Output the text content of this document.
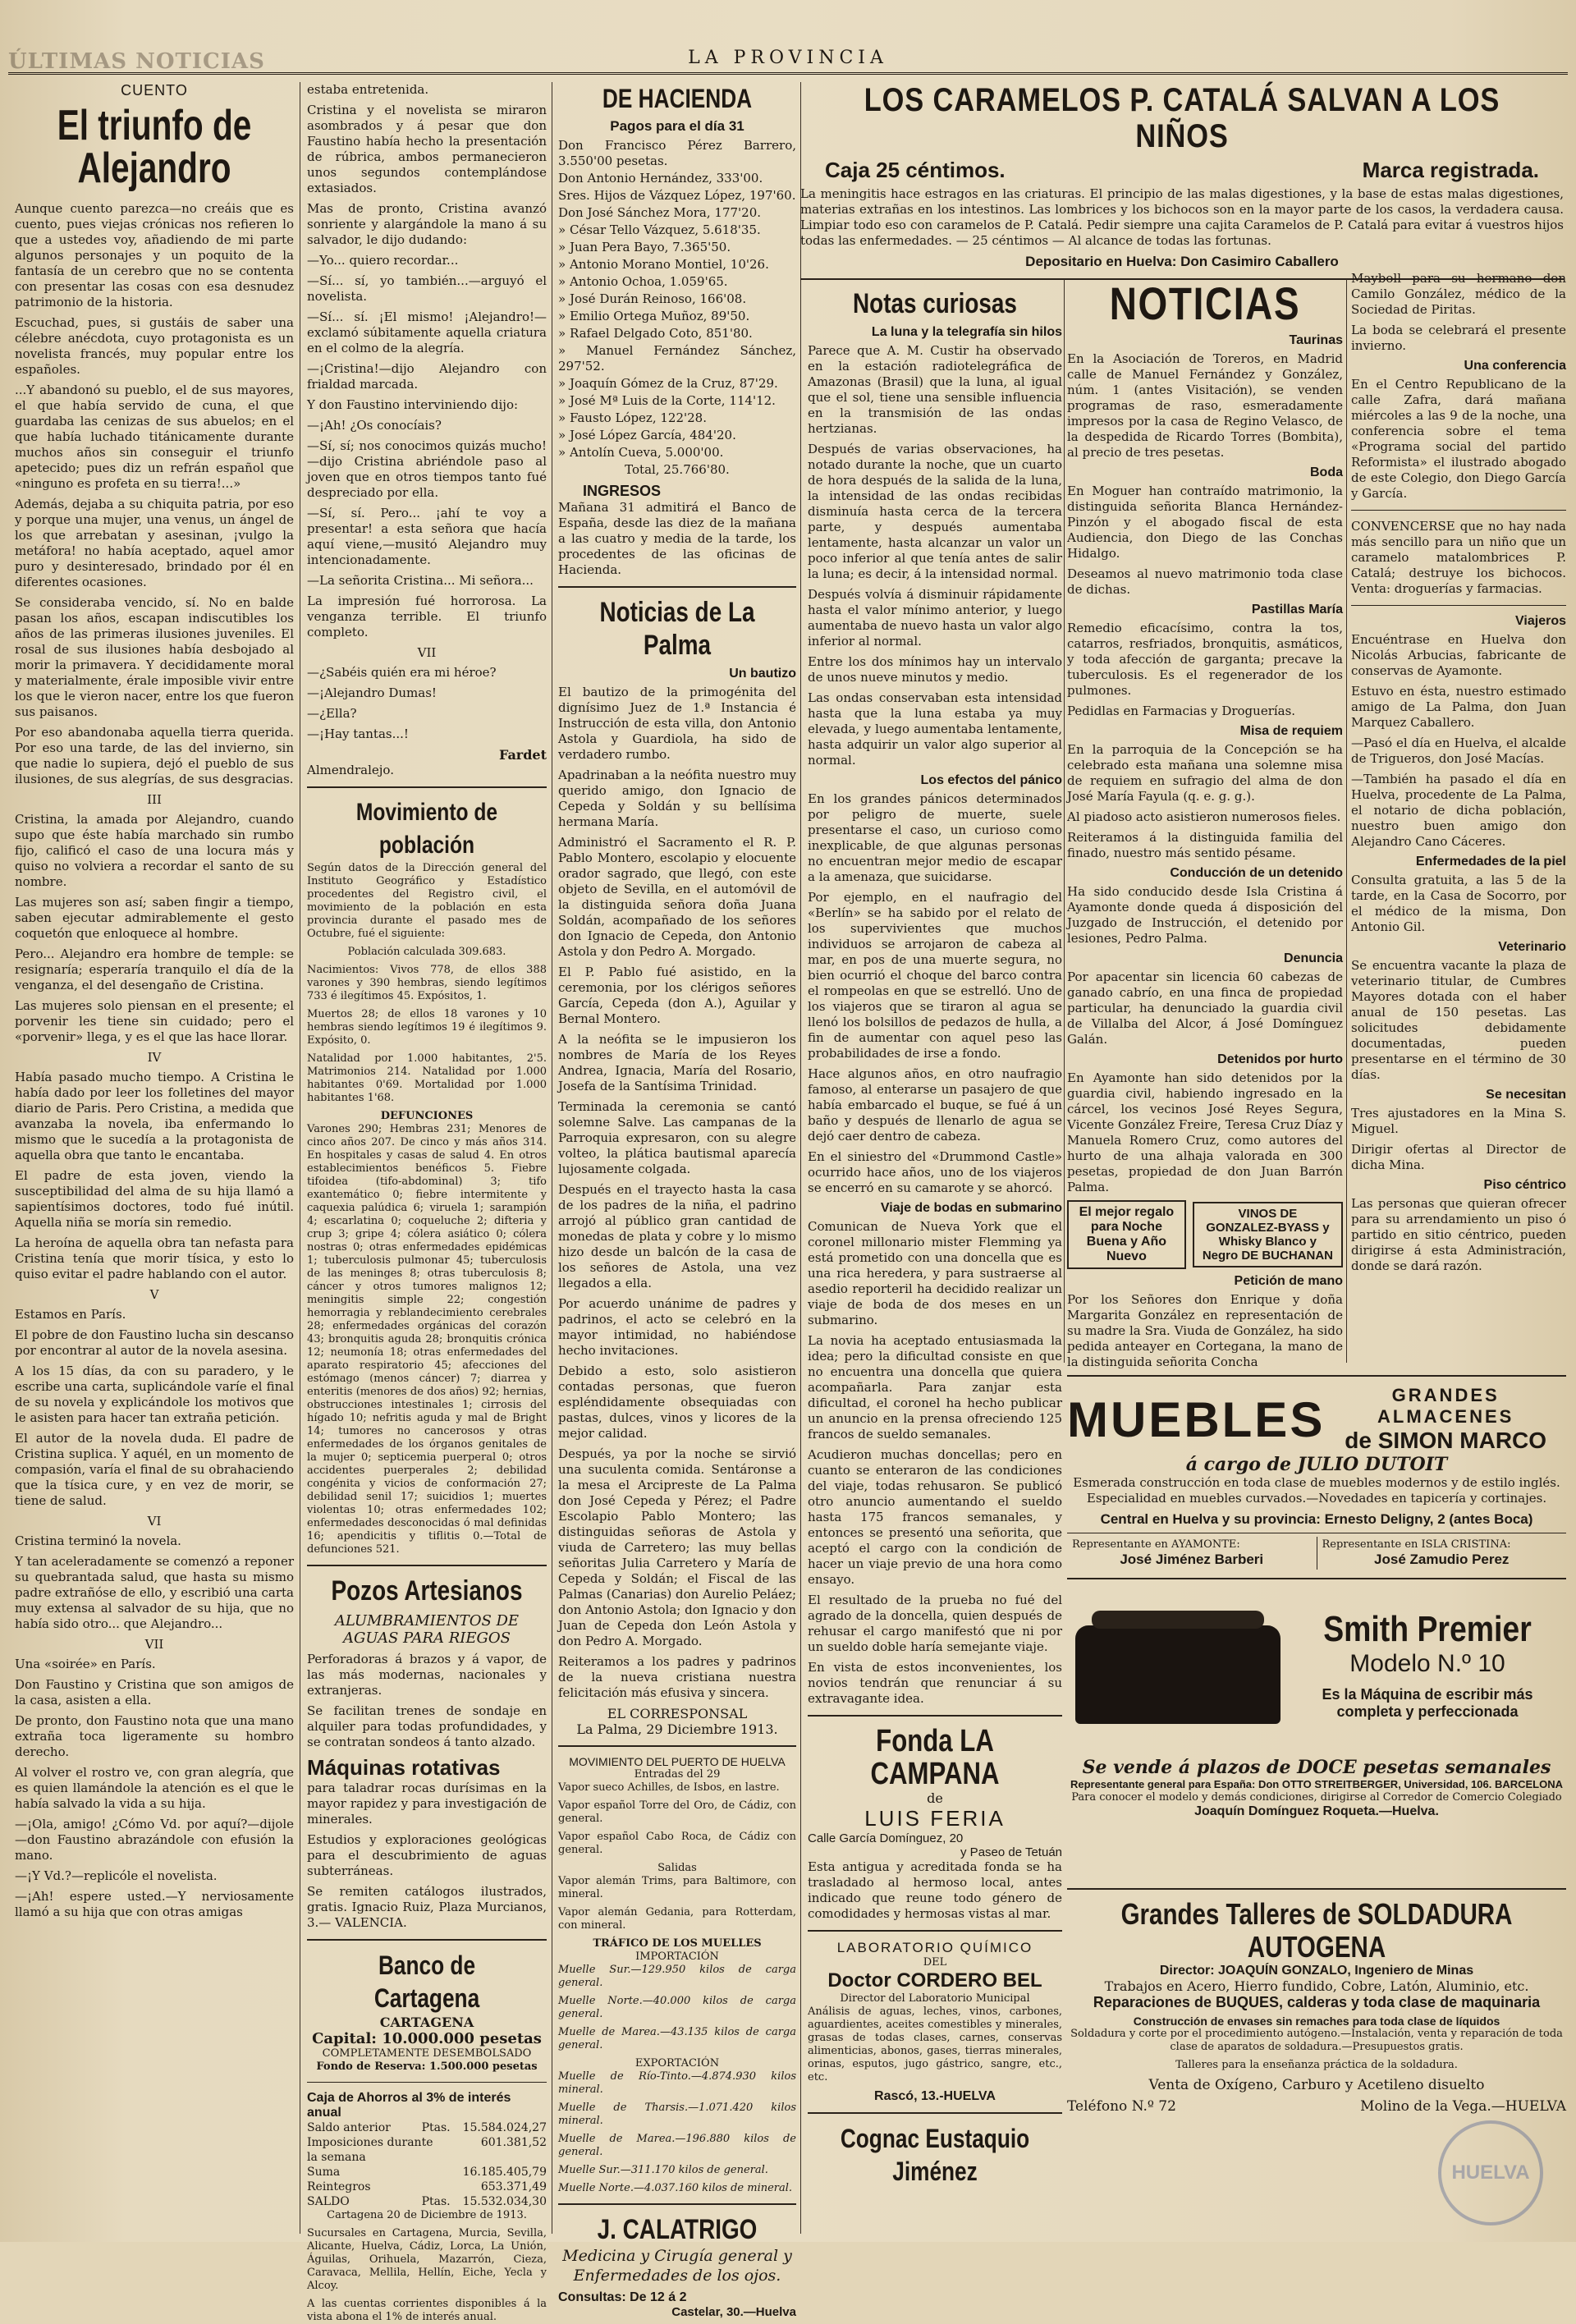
ÚLTIMAS NOTICIAS	LA PROVINCIA
CUENTO
El triunfo de Alejandro

Aunque cuento parezca—no creáis que es cuento, pues viejas crónicas nos refieren lo que a ustedes voy, añadiendo de mi parte algunos personajes y un poquito de la fantasía de un cerebro que no se contenta con presentar las cosas con esa desnudez patrimonio de la historia.

Escuchad, pues, si gustáis de saber una célebre anécdota, cuyo protagonista es un novelista francés, muy popular entre los españoles.

...Y abandonó su pueblo, el de sus mayores, el que había servido de cuna, el que guardaba las cenizas de sus abuelos; en el que había luchado titánicamente durante muchos años sin conseguir el triunfo apetecido; pues diz un refrán español que «ninguno es profeta en su tierra!...»

Además, dejaba a su chiquita patria, por eso y porque una mujer, una venus, un ángel de los que arrebatan y asesinan, ¡vulgo la metáfora! no había aceptado, aquel amor puro y desinteresado, brindado por él en diferentes ocasiones.

Se consideraba vencido, sí. No en balde pasan los años, escapan indiscutibles los años de las primeras ilusiones juveniles. El rosal de sus ilusiones había desbojado al morir la primavera. Y decididamente moral y materialmente, érale imposible vivir entre los que le vieron nacer, entre los que fueron sus paisanos.

Por eso abandonaba aquella tierra querida. Por eso una tarde, de las del invierno, sin que nadie lo supiera, dejó el pueblo de sus ilusiones, de sus alegrías, de sus desgracias.

III

Cristina, la amada por Alejandro, cuando supo que éste había marchado sin rumbo fijo, calificó el caso de una locura más y quiso no volviera a recordar el santo de su nombre.

Las mujeres son así; saben fingir a tiempo, saben ejecutar admirablemente el gesto coquetón que enloquece al hombre.

Pero... Alejandro era hombre de temple: se resignaría; esperaría tranquilo el día de la venganza, el del desengaño de Cristina.

Las mujeres solo piensan en el presente; el porvenir les tiene sin cuidado; pero el «porvenir» llega, y es el que las hace llorar.

IV

Había pasado mucho tiempo. A Cristina le había dado por leer los folletines del mayor diario de Paris. Pero Cristina, a medida que avanzaba la novela, iba enfermando lo mismo que le sucedía a la protagonista de aquella obra que tanto le encantaba.

El padre de esta joven, viendo la susceptibilidad del alma de su hija llamó a sapientísimos doctores, todo fué inútil. Aquella niña se moría sin remedio.

La heroína de aquella obra tan nefasta para Cristina tenía que morir tísica, y esto lo quiso evitar el padre hablando con el autor.

V

Estamos en París.

El pobre de don Faustino lucha sin descanso por encontrar al autor de la novela asesina.

A los 15 días, da con su paradero, y le escribe una carta, suplicándole varíe el final de su novela y explicándole los motivos que le asisten para hacer tan extraña petición.

El autor de la novela duda. El padre de Cristina suplica. Y aquél, en un momento de compasión, varía el final de su obrahaciendo que la tísica cure, y en vez de morir, se tiene de salud.

VI

Cristina terminó la novela.

Y tan aceleradamente se comenzó a reponer su quebrantada salud, que hasta su mismo padre extrañóse de ello, y escribió una carta muy extensa al salvador de su hija, que no había sido otro... que Alejandro...

VII

Una «soirée» en París.

Don Faustino y Cristina que son amigos de la casa, asisten a ella.

De pronto, don Faustino nota que una mano extraña toca ligeramente su hombro derecho.

Al volver el rostro ve, con gran alegría, que es quien llamándole la atención es el que le había salvado la vida a su hija.

—¡Ola, amigo! ¿Cómo Vd. por aquí?—dijole—don Faustino abrazándole con efusión la mano.

—¡Y Vd.?—replicóle el novelista.

—¡Ah! espere usted.—Y nerviosamente llamó a su hija que con otras amigas

estaba entretenida.

Cristina y el novelista se miraron asombrados y á pesar que don Faustino había hecho la presentación de rúbrica, ambos permanecieron unos segundos contemplándose extasiados.

Mas de pronto, Cristina avanzó sonriente y alargándole la mano á su salvador, le dijo dudando:

—Yo... quiero recordar...

—Sí... sí, yo también...—arguyó el novelista.

—Sí... sí. ¡El mismo! ¡Alejandro!—exclamó súbitamente aquella criatura en el colmo de la alegría.

—¡Cristina!—dijo Alejandro con frialdad marcada.

Y don Faustino interviniendo dijo:

—¡Ah! ¿Os conocíais?

—Sí, sí; nos conocimos quizás mucho!—dijo Cristina abriéndole paso al joven que en otros tiempos tanto fué despreciado por ella.

—Sí, sí. Pero... ¡ahí te voy a presentar! a esta señora que hacía aquí viene,—musitó Alejandro muy intencionadamente.

—La señorita Cristina... Mi señora...

La impresión fué horrorosa. La venganza terrible. El triunfo completo.

VII

—¿Sabéis quién era mi héroe?

—¡Alejandro Dumas!

—¿Ella?

—¡Hay tantas...!

Fardet

Almendralejo.

Movimiento de población

Según datos de la Dirección general del Instituto Geográfico y Estadístico procedentes del Registro civil, el movimiento de la población en esta provincia durante el pasado mes de Octubre, fué el siguiente:

Población calculada 309.683.

Nacimientos: Vivos 778, de ellos 388 varones y 390 hembras, siendo legítimos 733 é ilegítimos 45. Expósitos, 1.

Muertos 28; de ellos 18 varones y 10 hembras siendo legítimos 19 é ilegítimos 9. Expósito, 0.

Natalidad por 1.000 habitantes, 2'5. Matrimonios 214. Natalidad por 1.000 habitantes 0'69. Mortalidad por 1.000 habitantes 1'68.

DEFUNCIONES

Varones 290; Hembras 231; Menores de cinco años 207. De cinco y más años 314. En hospitales y casas de salud 4. En otros establecimientos benéficos 5. Fiebre tifoidea (tifo-abdominal) 3; tifo exantemático 0; fiebre intermitente y caquexia palúdica 6; viruela 1; sarampión 4; escarlatina 0; coqueluche 2; difteria y crup 3; gripe 4; cólera asiático 0; cólera nostras 0; otras enfermedades epidémicas 1; tuberculosis pulmonar 45; tuberculosis de las meninges 8; otras tuberculosis 8; cáncer y otros tumores malignos 12; meningitis simple 22; congestión hemorragia y reblandecimiento cerebrales 28; enfermedades orgánicas del corazón 43; bronquitis aguda 28; bronquitis crónica 12; neumonía 18; otras enfermedades del aparato respiratorio 45; afecciones del estómago (menos cáncer) 7; diarrea y enteritis (menores de dos años) 92; hernias, obstrucciones intestinales 1; cirrosis del hígado 10; nefritis aguda y mal de Bright 14; tumores no cancerosos y otras enfermedades de los órganos genitales de la mujer 0; septicemia puerperal 0; otros accidentes puerperales 2; debilidad congénita y vicios de conformación 27; debilidad senil 17; suicidios 1; muertes violentas 10; otras enfermedades 102; enfermedades desconocidas ó mal definidas 16; apendicitis y tiflitis 0.—Total de defunciones 521.

Pozos Artesianos
ALUMBRAMIENTOS DE AGUAS PARA RIEGOS

Perforadoras á brazos y á vapor, de las más modernas, nacionales y extranjeras.

Se facilitan trenes de sondaje en alquiler para todas profundidades, y se contratan sondeos á tanto alzado.

Máquinas rotativas

para taladrar rocas durísimas en la mayor rapidez y para investigación de minerales.

Estudios y exploraciones geológicas para el descubrimiento de aguas subterráneas.

Se remiten catálogos ilustrados, gratis. Ignacio Ruiz, Plaza Murcianos, 3.— VALENCIA.

Banco de Cartagena
CARTAGENA
Capital: 10.000.000 pesetas
COMPLETAMENTE DESEMBOLSADO
Fondo de Reserva: 1.500.000 pesetas
Caja de Ahorros al 3% de interés anual
Saldo anterior	Ptas.	15.584.024,27
Imposiciones durante la semana
601.381,52
Suma	16.185.405,79
Reintegros	653.371,49
SALDO	Ptas.	15.532.034,30

Cartagena 20 de Diciembre de 1913.

Sucursales en Cartagena, Murcia, Sevilla, Alicante, Huelva, Cádiz, Lorca, La Unión, Águilas, Orihuela, Mazarrón, Cieza, Caravaca, Mellila, Hellín, Eiche, Yecla y Alcoy.

A las cuentas corrientes disponibles á la vista abona el 1% de interés anual.

DE HACIENDA
Pagos para el día 31

Don Francisco Pérez Barrero, 3.550'00 pesetas.

Don Antonio Hernández, 333'00.

Sres. Hijos de Vázquez López, 197'60.

Don José Sánchez Mora, 177'20.

» César Tello Vázquez, 5.618'35.

» Juan Pera Bayo, 7.365'50.

» Antonio Morano Montiel, 10'26.

» Antonio Ochoa, 1.059'65.

» José Durán Reinoso, 166'08.

» Emilio Ortega Muñoz, 89'50.

» Rafael Delgado Coto, 851'80.

» Manuel Fernández Sánchez, 297'52.

» Joaquín Gómez de la Cruz, 87'29.

» José Mª Luis de la Corte, 114'12.

» Fausto López, 122'28.

» José López García, 484'20.

» Antolín Cueva, 5.000'00.

Total, 25.766'80.

INGRESOS

Mañana 31 admitirá el Banco de España, desde las diez de la mañana a las cuatro y media de la tarde, los procedentes de las oficinas de Hacienda.

Noticias de La Palma
Un bautizo

El bautizo de la primogénita del dignísimo Juez de 1.ª Instancia é Instrucción de esta villa, don Antonio Astola y Guardiola, ha sido de verdadero rumbo.

Apadrinaban a la neófita nuestro muy querido amigo, don Ignacio de Cepeda y Soldán y su bellísima hermana María.

Administró el Sacramento el R. P. Pablo Montero, escolapio y elocuente orador sagrado, que llegó, con este objeto de Sevilla, en el automóvil de la distinguida señora doña Juana Soldán, acompañado de los señores don Ignacio de Cepeda, don Antonio Astola y don Pedro A. Morgado.

El P. Pablo fué asistido, en la ceremonia, por los clérigos señores García, Cepeda (don A.), Aguilar y Bernal Montero.

A la neófita se le impusieron los nombres de María de los Reyes Andrea, Ignacia, María del Rosario, Josefa de la Santísima Trinidad.

Terminada la ceremonia se cantó solemne Salve. Las campanas de la Parroquia expresaron, con su alegre volteo, la plática bautismal aparecía lujosamente colgada.

Después en el trayecto hasta la casa de los padres de la niña, el padrino arrojó al público gran cantidad de monedas de plata y cobre y lo mismo hizo desde un balcón de la casa de los señores de Astola, una vez llegados a ella.

Por acuerdo unánime de padres y padrinos, el acto se celebró en la mayor intimidad, no habiéndose hecho invitaciones.

Debido a esto, solo asistieron contadas personas, que fueron espléndidamente obsequiadas con pastas, dulces, vinos y licores de la mejor calidad.

Después, ya por la noche se sirvió una suculenta comida. Sentáronse a la mesa el Arcipreste de La Palma don José Cepeda y Pérez; el Padre Escolapio Pablo Montero; las distinguidas señoras de Astola y viuda de Carretero; las muy bellas señoritas Julia Carretero y María de Cepeda y Soldán; el Fiscal de las Palmas (Canarias) don Aurelio Peláez; don Antonio Astola; don Ignacio y don Juan de Cepeda don León Astola y don Pedro A. Morgado.

Reiteramos a los padres y padrinos de la nueva cristiana nuestra felicitación más efusiva y sincera.

EL CORRESPONSAL
La Palma, 29 Diciembre 1913.
MOVIMIENTO DEL PUERTO DE HUELVA
Entradas del 29

Vapor sueco Achilles, de Isbos, en lastre.

Vapor español Torre del Oro, de Cádiz, con general.

Vapor español Cabo Roca, de Cádiz con general.

Salidas

Vapor alemán Trims, para Baltimore, con mineral.

Vapor alemán Gedania, para Rotterdam, con mineral.

TRÁFICO DE LOS MUELLES
IMPORTACIÓN

Muelle Sur.—129.950 kilos de carga general.

Muelle Norte.—40.000 kilos de carga general.

Muelle de Marea.—43.135 kilos de carga general.

EXPORTACIÓN

Muelle de Río-Tinto.—4.874.930 kilos mineral.

Muelle de Tharsis.—1.071.420 kilos mineral.

Muelle de Marea.—196.880 kilos de general.

Muelle Sur.—311.170 kilos de general.

Muelle Norte.—4.037.160 kilos de mineral.

J. CALATRIGO
Medicina y Cirugía general y Enfermedades de los ojos.
Consultas: De 12 á 2
Castelar, 30.—Huelva
LOS CARAMELOS P. CATALÁ SALVAN A LOS NIÑOS
Caja 25 céntimos.	Marca registrada.

La meningitis hace estragos en las criaturas. El principio de las malas digestiones, y la base de estas malas digestiones, materias extrañas en los intestinos. Las lombrices y los bichocos son en la mayor parte de los casos, la verdadera causa. Limpiar todo eso con caramelos de P. Catalá. Pedir siempre una cajita Caramelos de P. Catalá para evitar á vuestros hijos todas las enfermedades. — 25 céntimos — Al alcance de todas las fortunas.

Depositario en Huelva: Don Casimiro Caballero
Notas curiosas
La luna y la telegrafía sin hilos

Parece que A. M. Custir ha observado en la estación radiotelegráfica de Amazonas (Brasil) que la luna, al igual que el sol, tiene una sensible influencia en la transmisión de las ondas hertzianas.

Después de varias observaciones, ha notado durante la noche, que un cuarto de hora después de la salida de la luna, la intensidad de las ondas recibidas disminuía hasta cerca de la tercera parte, y después aumentaba lentamente, hasta alcanzar un valor un poco inferior al que tenía antes de salir la luna; es decir, á la intensidad normal.

Después volvía á disminuir rápidamente hasta el valor mínimo anterior, y luego aumentaba de nuevo hasta un valor algo inferior al normal.

Entre los dos mínimos hay un intervalo de unos nueve minutos y medio.

Las ondas conservaban esta intensidad hasta que la luna estaba ya muy elevada, y luego aumentaba lentamente, hasta adquirir un valor algo superior al normal.

Los efectos del pánico

En los grandes pánicos determinados por peligro de muerte, suele presentarse el caso, un curioso como inexplicable, de que algunas personas no encuentran mejor medio de escapar a la amenaza, que suicidarse.

Por ejemplo, en el naufragio del «Berlín» se ha sabido por el relato de los supervivientes que muchos individuos se arrojaron de cabeza al mar, en pos de una muerte segura, no bien ocurrió el choque del barco contra el rompeolas en que se estrelló. Uno de los viajeros que se tiraron al agua se llenó los bolsillos de pedazos de hulla, a fin de aumentar con aquel peso las probabilidades de irse a fondo.

Hace algunos años, en otro naufragio famoso, al enterarse un pasajero de que había embarcado el buque, se fué á un baño y después de llenarlo de agua se dejó caer dentro de cabeza.

En el siniestro del «Drummond Castle» ocurrido hace años, uno de los viajeros se encerró en su camarote y se ahorcó.

Viaje de bodas en submarino

Comunican de Nueva York que el coronel millonario mister Flemming ya está prometido con una doncella que es una rica heredera, y para sustraerse al asedio reporteril ha decidido realizar un viaje de boda de dos meses en un submarino.

La novia ha aceptado entusiasmada la idea; pero la dificultad consiste en que no encuentra una doncella que quiera acompañarla. Para zanjar esta dificultad, el coronel ha hecho publicar un anuncio en la prensa ofreciendo 125 francos de sueldo semanales.

Acudieron muchas doncellas; pero en cuanto se enteraron de las condiciones del viaje, todas rehusaron. Se publicó otro anuncio aumentando el sueldo hasta 175 francos semanales, y entonces se presentó una señorita, que aceptó el cargo con la condición de hacer un viaje previo de una hora como ensayo.

El resultado de la prueba no fué del agrado de la doncella, quien después de rehusar el cargo manifestó que ni por un sueldo doble haría semejante viaje.

En vista de estos inconvenientes, los novios tendrán que renunciar á su extravagante idea.

Fonda LA CAMPANA
de
LUIS FERIA
Calle García Domínguez, 20
y Paseo de Tetuán

Esta antigua y acreditada fonda se ha trasladado al hermoso local, antes indicado que reune todo género de comodidades y hermosas vistas al mar.

LABORATORIO QUÍMICO
DEL
Doctor CORDERO BEL
Director del Laboratorio Municipal

Análisis de aguas, leches, vinos, carbones, aguardientes, aceites comestibles y minerales, grasas de todas clases, carnes, conservas alimenticias, abonos, gases, tierras minerales, orinas, esputos, jugo gástrico, sangre, etc., etc.

Rascó, 13.-HUELVA
Cognac Eustaquio Jiménez
NOTICIAS
Taurinas

En la Asociación de Toreros, en Madrid calle de Manuel Fernández y González, núm. 1 (antes Visitación), se venden programas de raso, esmeradamente impresos por la casa de Regino Velasco, de la despedida de Ricardo Torres (Bombita), al precio de tres pesetas.

Boda

En Moguer han contraído matrimonio, la distinguida señorita Blanca Hernández-Pinzón y el abogado fiscal de esta Audiencia, don Diego de las Conchas Hidalgo.

Deseamos al nuevo matrimonio toda clase de dichas.

Pastillas María

Remedio eficacísimo, contra la tos, catarros, resfriados, bronquitis, asmáticos, y toda afección de garganta; precave la tuberculosis. Es el regenerador de los pulmones.

Pedidlas en Farmacias y Droguerías.

Misa de requiem

En la parroquia de la Concepción se ha celebrado esta mañana una solemne misa de requiem en sufragio del alma de don José María Fayula (q. e. g. g.).

Al piadoso acto asistieron numerosos fieles.

Reiteramos á la distinguida familia del finado, nuestro más sentido pésame.

Conducción de un detenido

Ha sido conducido desde Isla Cristina á Ayamonte donde queda á disposición del Juzgado de Instrucción, el detenido por lesiones, Pedro Palma.

Denuncia

Por apacentar sin licencia 60 cabezas de ganado cabrío, en una finca de propiedad particular, ha denunciado la guardia civil de Villalba del Alcor, á José Domínguez Galán.

Detenidos por hurto

En Ayamonte han sido detenidos por la guardia civil, habiendo ingresado en la cárcel, los vecinos José Reyes Segura, Vicente González Freire, Teresa Cruz Díaz y Manuela Romero Cruz, como autores del hurto de una alhaja valorada en 300 pesetas, propiedad de don Juan Barrón Palma.

El mejor regalo para Noche Buena y Año Nuevo
VINOS DE GONZALEZ-BYASS y Whisky Blanco y Negro DE BUCHANAN
Petición de mano

Por los Señores don Enrique y doña Margarita González en representación de su madre la Sra. Viuda de González, ha sido pedida anteayer en Cortegana, la mano de la distinguida señorita Concha

Mayboll para su hermano don Camilo González, médico de la Sociedad de Piritas.

La boda se celebrará el presente invierno.

Una conferencia

En el Centro Republicano de la calle Zafra, dará mañana miércoles a las 9 de la noche, una conferencia sobre el tema «Programa social del partido Reformista» el ilustrado abogado de este Colegio, don Diego García y García.

CONVENCERSE que no hay nada más sencillo para un niño que un caramelo matalombrices P. Catalá; destruye los bichocos. Venta: droguerías y farmacias.

Viajeros

Encuéntrase en Huelva don Nicolás Arbucias, fabricante de conservas de Ayamonte.

Estuvo en ésta, nuestro estimado amigo de La Palma, don Juan Marquez Caballero.

—Pasó el día en Huelva, el alcalde de Trigueros, don José Macías.

—También ha pasado el día en Huelva, procedente de La Palma, el notario de dicha población, nuestro buen amigo don Alejandro Cano Cáceres.

Enfermedades de la piel

Consulta gratuita, a las 5 de la tarde, en la Casa de Socorro, por el médico de la misma, Don Antonio Gil.

Veterinario

Se encuentra vacante la plaza de veterinario titular, de Cumbres Mayores dotada con el haber anual de 150 pesetas. Las solicitudes debidamente documentadas, pueden presentarse en el término de 30 días.

Se necesitan

Tres ajustadores en la Mina S. Miguel.

Dirigir ofertas al Director de dicha Mina.

Piso céntrico

Las personas que quieran ofrecer para su arrendamiento un piso ó partido en sitio céntrico, pueden dirigirse á esta Administración, donde se dará razón.

MUEBLES	GRANDES ALMACENES
de SIMON MARCO
á cargo de JULIO DUTOIT

Esmerada construcción en toda clase de muebles modernos y de estilo inglés. Especialidad en muebles curvados.—Novedades en tapicería y cortinajes.

Central en Huelva y su provincia: Ernesto Deligny, 2 (antes Boca)
Representante en AYAMONTE:
José Jiménez Barberi
Representante en ISLA CRISTINA:
José Zamudio Perez
Smith Premier
Modelo N.º 10
Es la Máquina de escribir más
completa y perfeccionada
Se vende á plazos de DOCE pesetas semanales
Representante general para España: Don OTTO STREITBERGER, Universidad, 106. BARCELONA
Para conocer el modelo y demás condiciones, dirigirse al Corredor de Comercio Colegiado
Joaquín Domínguez Roqueta.—Huelva.
Grandes Talleres de SOLDADURA AUTOGENA
Director: JOAQUÍN GONZALO, Ingeniero de Minas
Trabajos en Acero, Hierro fundido, Cobre, Latón, Aluminio, etc.
Reparaciones de BUQUES, calderas y toda clase de maquinaria
Construcción de envases sin remaches para toda clase de líquidos

Soldadura y corte por el procedimiento autógeno.—Instalación, venta y reparación de toda clase de aparatos de soldadura.—Presupuestos gratis.

Talleres para la enseñanza práctica de la soldadura.
Venta de Oxígeno, Carburo y Acetileno disuelto
Teléfono N.º 72	Molino de la Vega.—HUELVA
HUELVA
